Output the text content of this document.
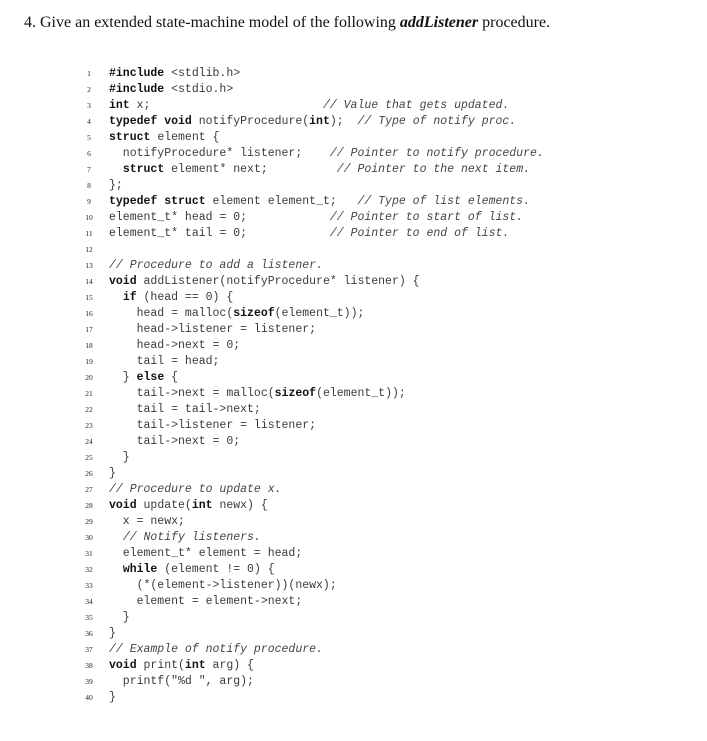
4. Give an extended state-machine model of the following addListener procedure.
1	#include <stdlib.h>
2	#include <stdio.h>
3	int x;                         // Value that gets updated.
4	typedef void notifyProcedure(int);  // Type of notify proc.
5	struct element {
6	notifyProcedure* listener;    // Pointer to notify procedure.
7	struct element* next;          // Pointer to the next item.
8	};
9	typedef struct element element_t;   // Type of list elements.
10 element_t* head = 0;            // Pointer to start of list.
11 element_t* tail = 0;            // Pointer to end of list.
12
13 // Procedure to add a listener.
14 void addListener(notifyProcedure* listener) {
15	if (head == 0) {
16 head = malloc(sizeof(element_t));
17 head->listener = listener;
18 head->next = 0;
19 tail = head;
20 } else {
21 tail->next = malloc(sizeof(element_t));
22 tail = tail->next;
23 tail->listener = listener;
24 tail->next = 0;
25 }
26 }
27 // Procedure to update x.
28 void update(int newx) {
29 x = newx;
30	// Notify listeners.
31 element_t* element = head;
32	while (element != 0) {
33 (*(element->listener))(newx);
34 element = element->next;
35 }
36 }
37 // Example of notify procedure.
38 void print(int arg) {
39 printf("%d ", arg);
40 }
